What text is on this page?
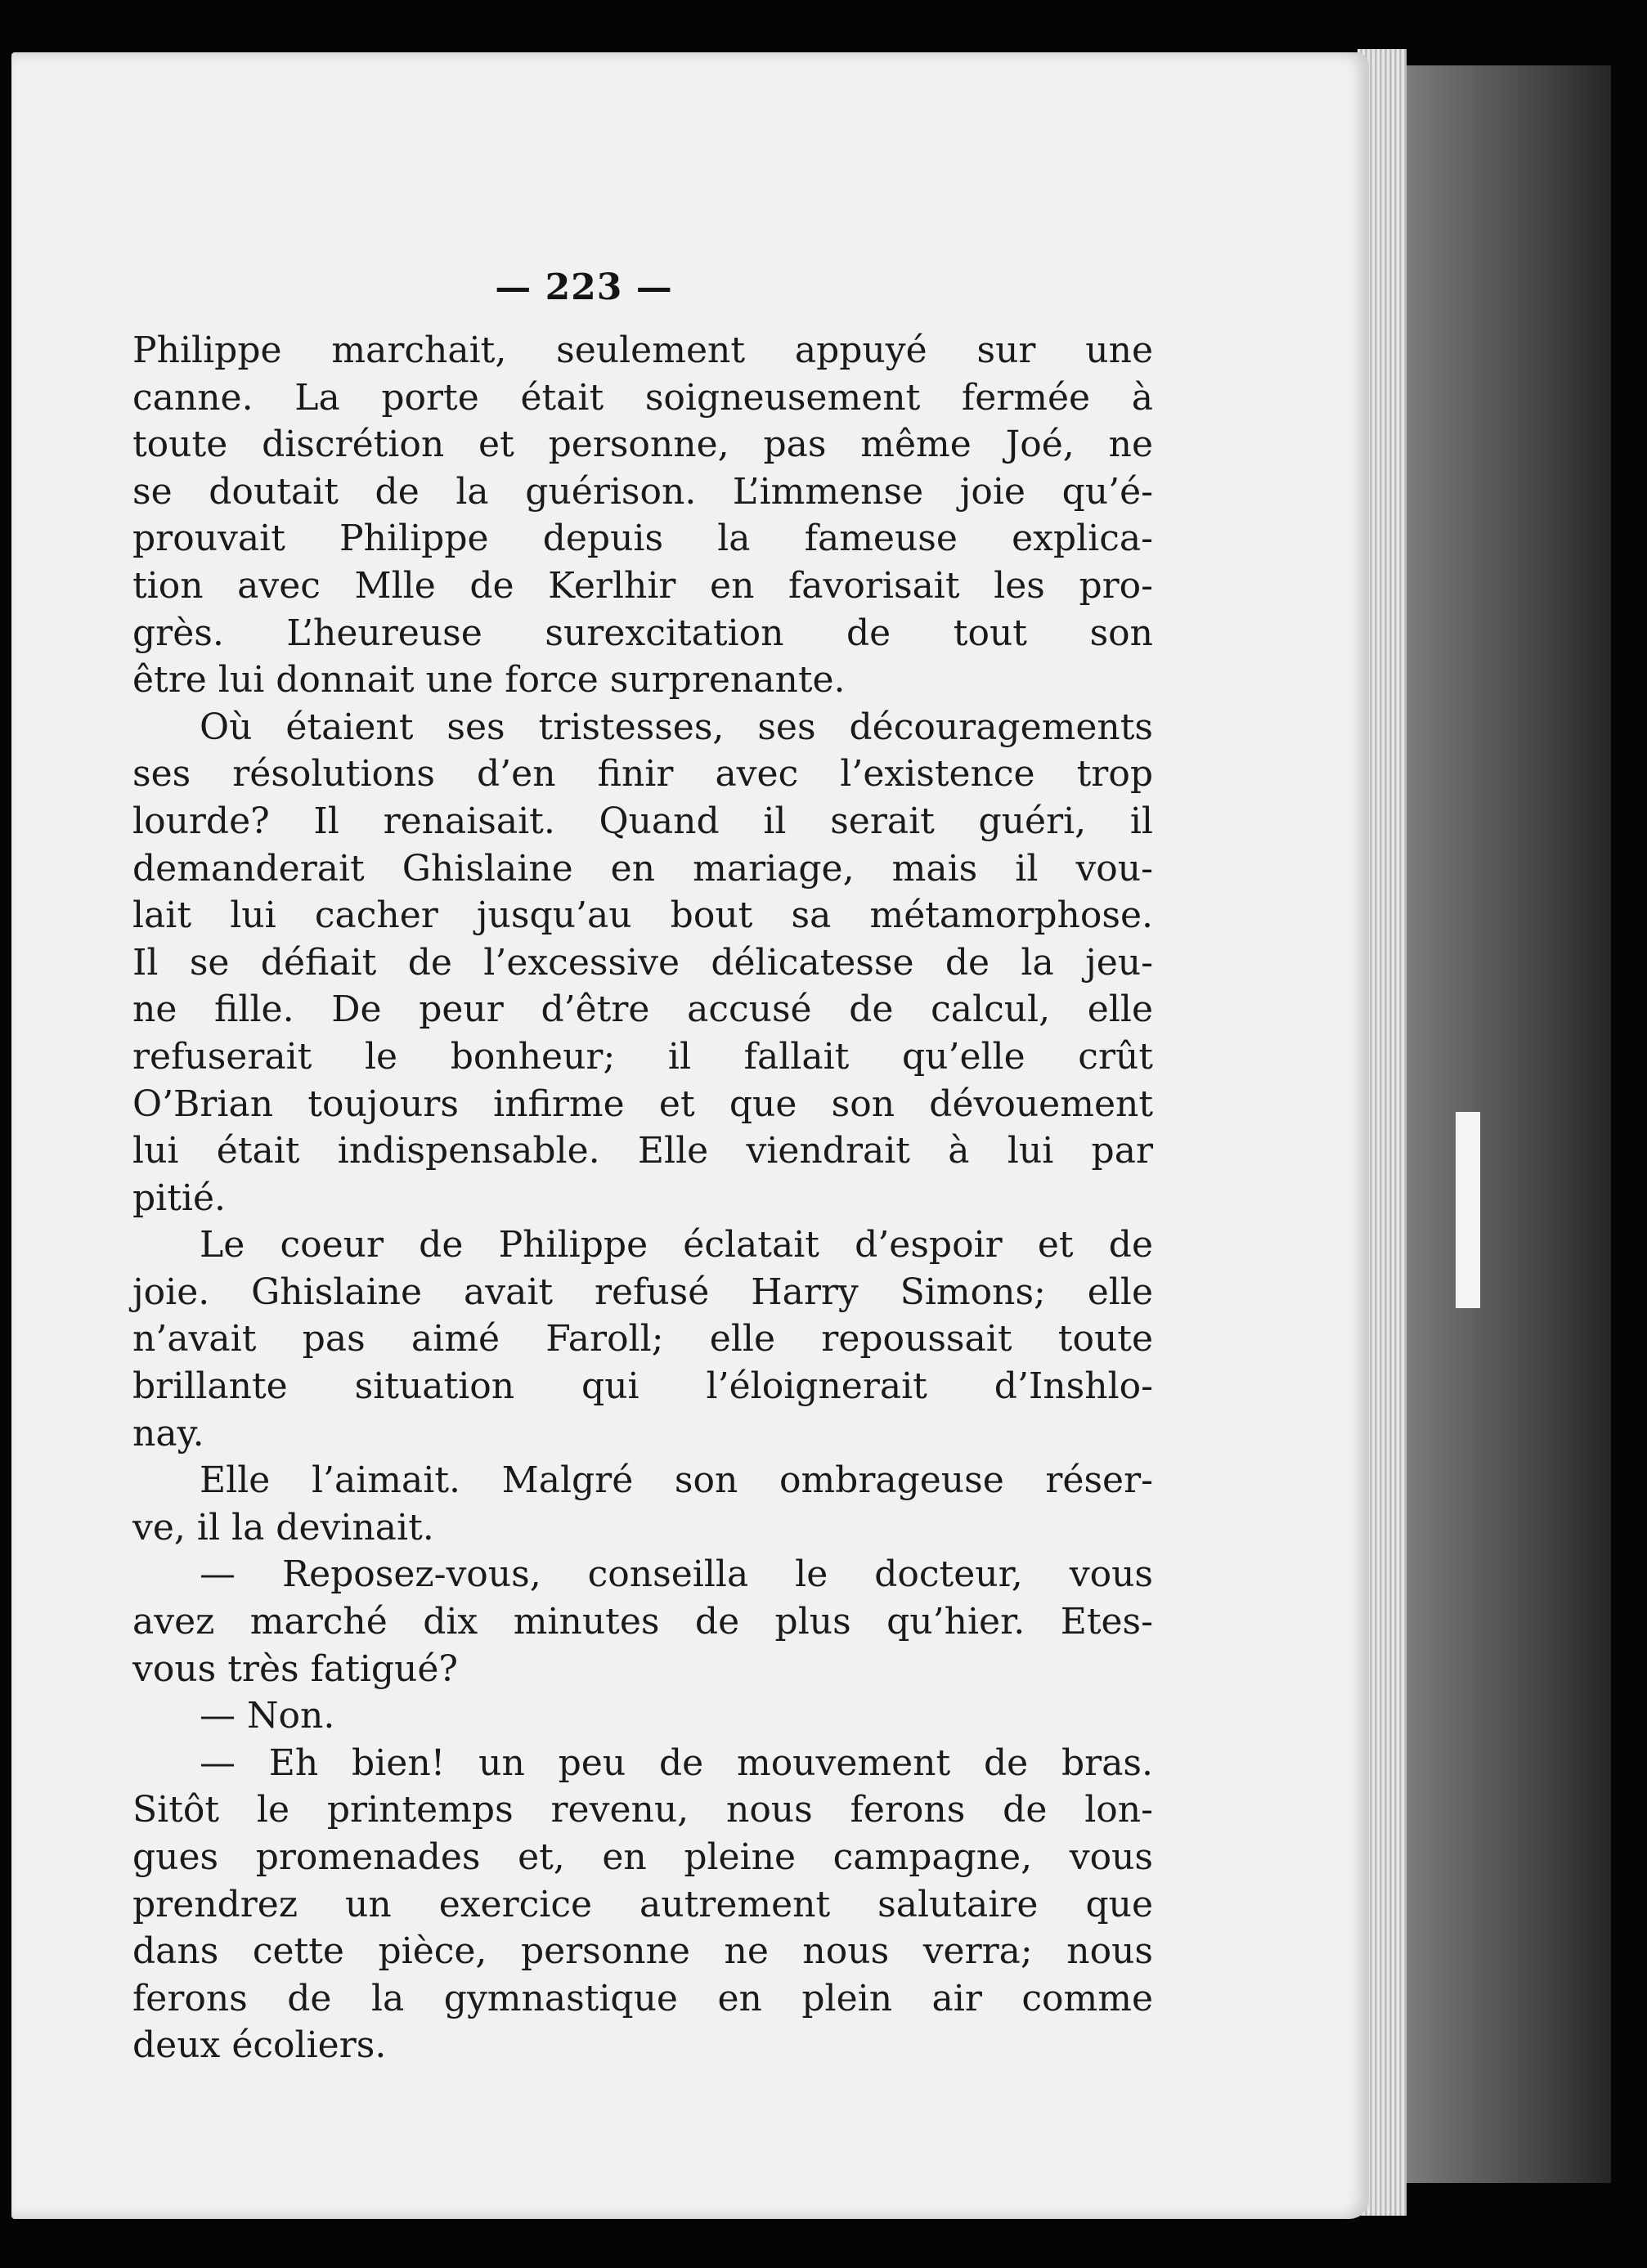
— 223 —
Philippe marchait, seulement appuyé sur une
canne. La porte était soigneusement fermée à
toute discrétion et personne, pas même Joé, ne
se doutait de la guérison. L’immense joie qu’é-
prouvait Philippe depuis la fameuse explica-
tion avec Mlle de Kerlhir en favorisait les pro-
grès. L’heureuse surexcitation de tout son
être lui donnait une force surprenante.
Où étaient ses tristesses, ses découragements
ses résolutions d’en finir avec l’existence trop
lourde? Il renaisait. Quand il serait guéri, il
demanderait Ghislaine en mariage, mais il vou-
lait lui cacher jusqu’au bout sa métamorphose.
Il se défiait de l’excessive délicatesse de la jeu-
ne fille. De peur d’être accusé de calcul, elle
refuserait le bonheur; il fallait qu’elle crût
O’Brian toujours infirme et que son dévouement
lui était indispensable. Elle viendrait à lui par
pitié.
Le coeur de Philippe éclatait d’espoir et de
joie. Ghislaine avait refusé Harry Simons; elle
n’avait pas aimé Faroll; elle repoussait toute
brillante situation qui l’éloignerait d’Inshlo-
nay.
Elle l’aimait. Malgré son ombrageuse réser-
ve, il la devinait.
— Reposez-vous, conseilla le docteur, vous
avez marché dix minutes de plus qu’hier. Etes-
vous très fatigué?
— Non.
— Eh bien! un peu de mouvement de bras.
Sitôt le printemps revenu, nous ferons de lon-
gues promenades et, en pleine campagne, vous
prendrez un exercice autrement salutaire que
dans cette pièce, personne ne nous verra; nous
ferons de la gymnastique en plein air comme
deux écoliers.
